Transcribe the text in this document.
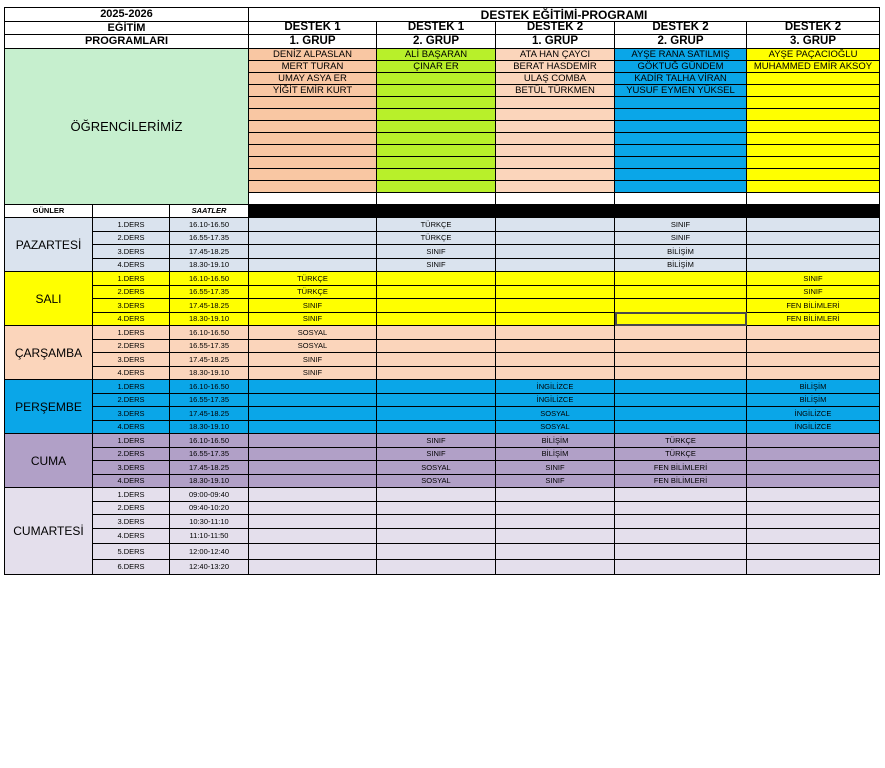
2025-2026			DESTEK EĞİTİMİ-PROGRAMI				
EĞİTİM			DESTEK 1	DESTEK 1	DESTEK 2	DESTEK 2	DESTEK 2
PROGRAMLARI			1. GRUP	2. GRUP	1. GRUP	2. GRUP	3. GRUP
ÖĞRENCİLERİMİZ			DENİZ ALPASLAN	ALİ BAŞARAN	ATA HAN ÇAYCI	AYŞE RANA SATILMIŞ	AYŞE PAÇACIOĞLU
			MERT TURAN	ÇINAR ER	BERAT HASDEMİR	GÖKTUĞ GÜNDEM	MUHAMMED EMİR AKSOY
			UMAY ASYA ER		ULAŞ COMBA	KADİR TALHA VİRAN	
			YİĞİT EMİR KURT		BETÜL TÜRKMEN	YUSUF EYMEN YÜKSEL	

GÜNLER		SAATLER					
PAZARTESİ	1.DERS	16.10-16.50		TÜRKÇE		SINIF	
	2.DERS	16.55-17.35		TÜRKÇE		SINIF	
	3.DERS	17.45-18.25		SINIF		BİLİŞİM	
	4.DERS	18.30-19.10		SINIF		BİLİŞİM	
SALI	1.DERS	16.10-16.50	TÜRKÇE				SINIF
	2.DERS	16.55-17.35	TÜRKÇE				SINIF
	3.DERS	17.45-18.25	SINIF				FEN BİLİMLERİ
	4.DERS	18.30-19.10	SINIF				FEN BİLİMLERİ
ÇARŞAMBA	1.DERS	16.10-16.50	SOSYAL				
	2.DERS	16.55-17.35	SOSYAL				
	3.DERS	17.45-18.25	SINIF				
	4.DERS	18.30-19.10	SINIF				
PERŞEMBE	1.DERS	16.10-16.50			İNGİLİZCE		BİLİŞİM
	2.DERS	16.55-17.35			İNGİLİZCE		BİLİŞİM
	3.DERS	17.45-18.25			SOSYAL		İNGİLİZCE
	4.DERS	18.30-19.10			SOSYAL		İNGİLİZCE
CUMA	1.DERS	16.10-16.50		SINIF	BİLİŞİM	TÜRKÇE	
	2.DERS	16.55-17.35		SINIF	BİLİŞİM	TÜRKÇE	
	3.DERS	17.45-18.25		SOSYAL	SINIF	FEN BİLİMLERİ	
	4.DERS	18.30-19.10		SOSYAL	SINIF	FEN BİLİMLERİ	
CUMARTESİ	1.DERS	09:00-09:40					
	2.DERS	09:40-10:20					
	3.DERS	10:30-11:10					
	4.DERS	11:10-11:50					
	5.DERS	12:00-12:40					
	6.DERS	12:40-13:20					
